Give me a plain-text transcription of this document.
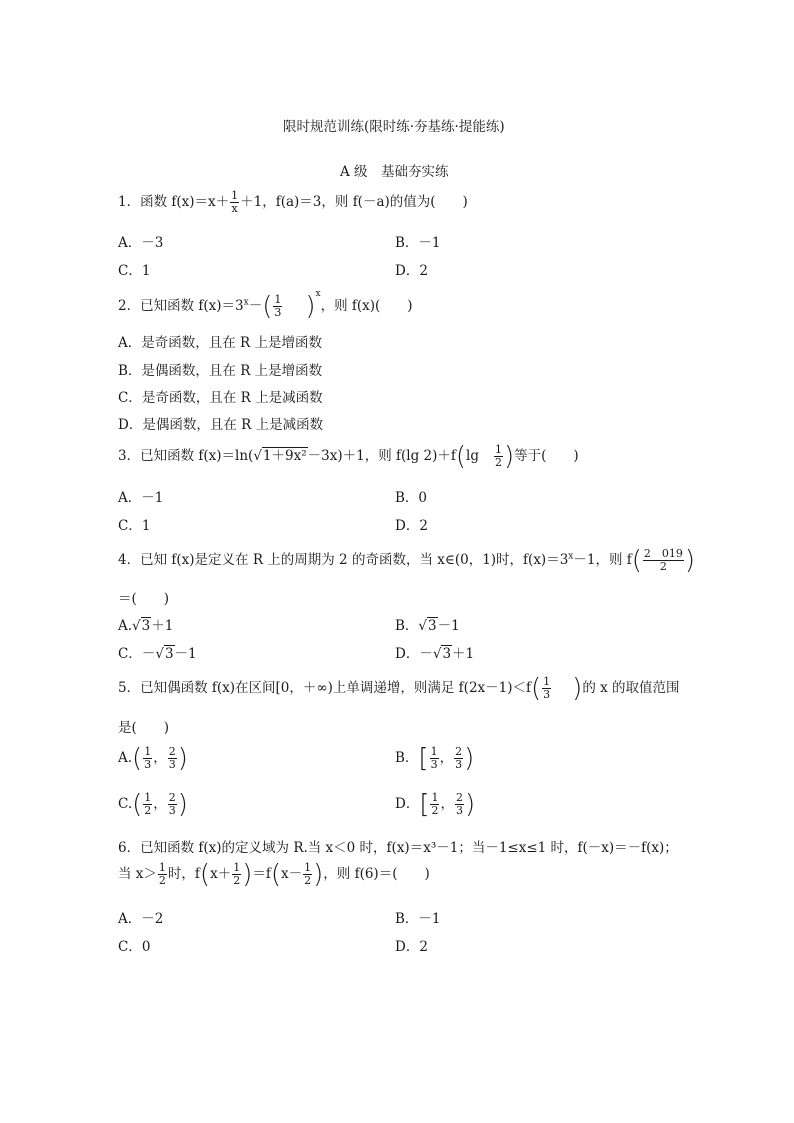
限时规范训练(限时练·夯基练·提能练)
A 级　基础夯实练
1．函数 $f(x)=x+ \frac{1}{x} +1$，f(a)＝3，则 f(－a)的值为(　　)
A．－3	B．－1
C．1	D．2
2．已知函数 $f(x)=3^x-( \frac{1}{3} )^x$，则 f(x)(　　)
A．是奇函数，且在 R 上是增函数
B．是偶函数，且在 R 上是增函数
C．是奇函数，且在 R 上是减函数
D．是偶函数，且在 R 上是减函数
3．已知函数 f(x)＝ln(√1＋9x²－3x)＋1，则 f(lg $2)+f(\lg \frac{1}{2}$ )等于(　　)
A．－1	B．0
C．1	D．2
4．已知 f(x)是定义在 R 上的周期为 2 的奇函数，当 x∈(0，1)时，$f(x)=3^x-1$，则 $f( \frac{2 019}{2}$ )
＝(　　)
A.√3＋1	B．√3－1
C．－√3－1	D．－√3＋1
5．已知偶函数 f(x)在区间[0，＋∞)上单调递增，则满足 $f(2x-1)<f( \frac{1}{3}$ )的 x 的取值范围
是(　　)
$A.( \frac{1}{3}$ ， $\frac{2}{3}$ )	B．[ $\frac{1}{3}$ ， $\frac{2}{3}$ )
$C.( \frac{1}{2}$ ， $\frac{2}{3}$ )	D．[ $\frac{1}{2}$ ， $\frac{2}{3}$ )
6．已知函数 f(x)的定义域为 R.当 x＜0 时，f(x)＝x³－1；当－1≤x≤1 时，f(－x)＝－f(x)；
当 $x> \frac{1}{2}$ 时，$f(x+ \frac{1}{2} )=f(x- \frac{1}{2}$ )，则 f(6)＝(　　)
A．－2	B．－1
C．0	D．2
